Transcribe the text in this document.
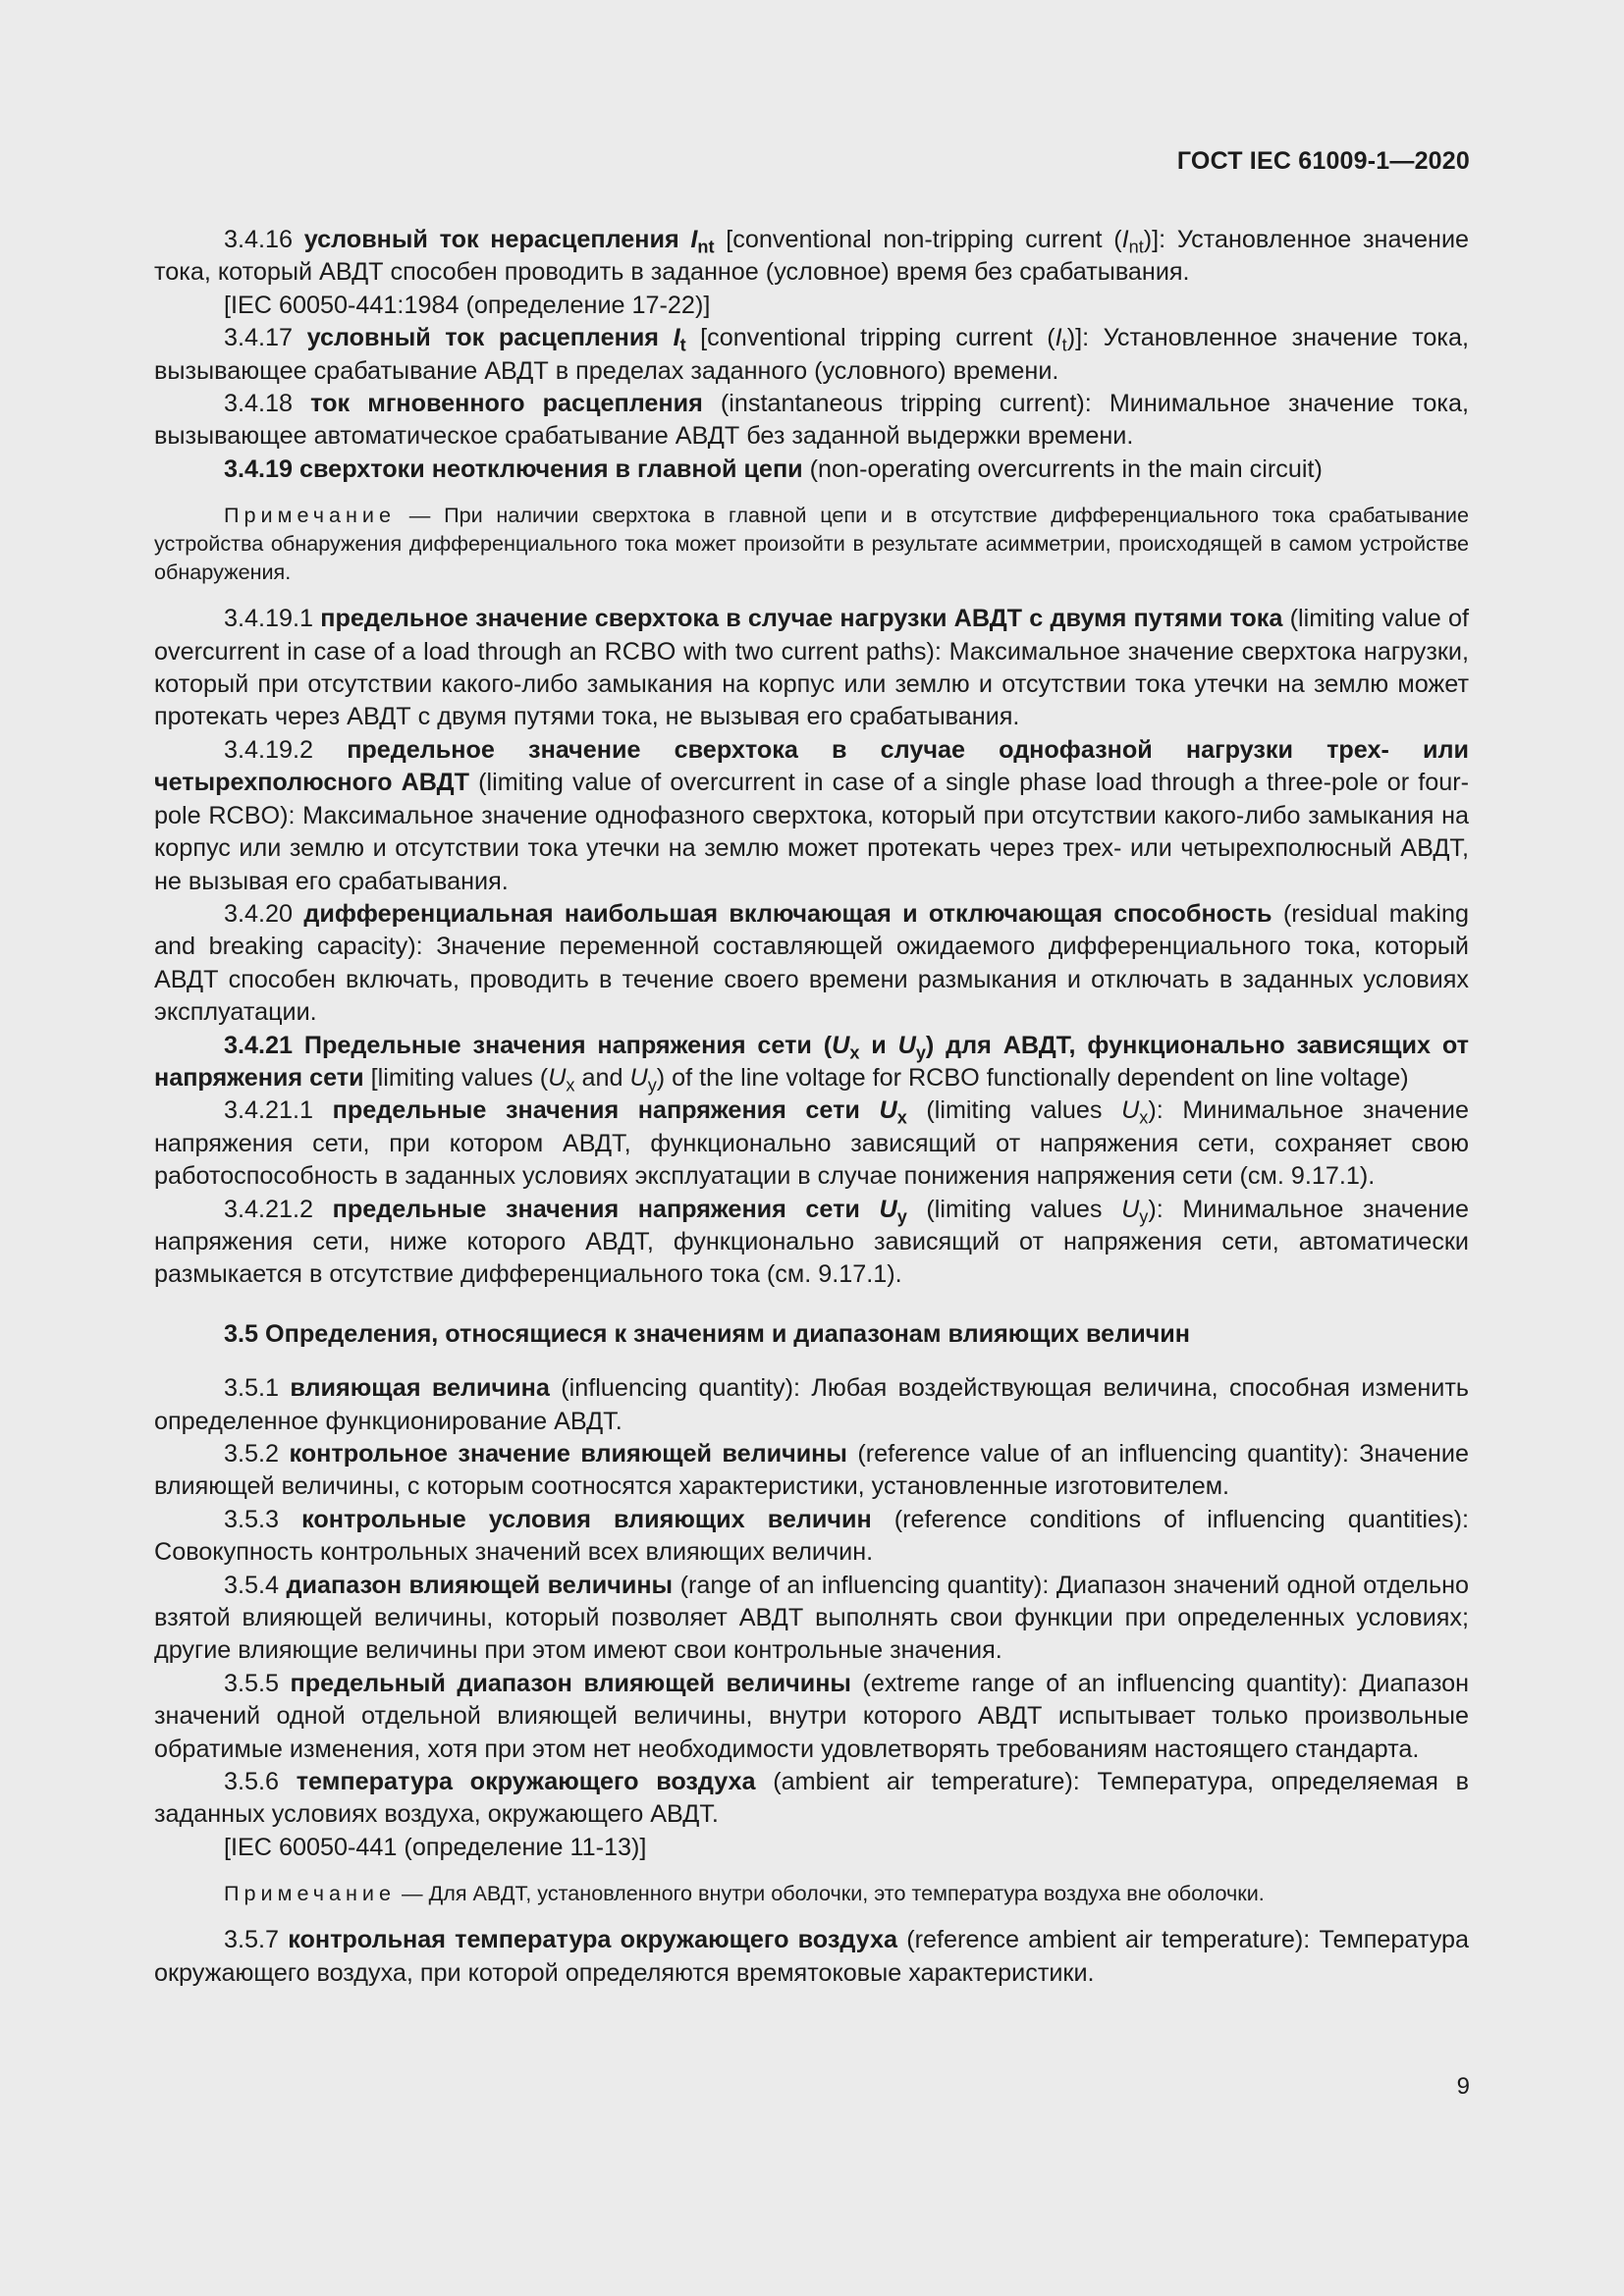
ГОСТ IEC 61009-1—2020

3.4.16 условный ток нерасцепления $I_{nt}$ [conventional non-tripping current $(I_{nt})$]: Установленное значение тока, который АВДТ способен проводить в заданное (условное) время без срабатывания.

[IEC 60050-441:1984 (определение 17-22)]

3.4.17 условный ток расцепления $I_t$ [conventional tripping current $(I_t)$]: Установленное значение тока, вызывающее срабатывание АВДТ в пределах заданного (условного) времени.

3.4.18 ток мгновенного расцепления (instantaneous tripping current): Минимальное значение тока, вызывающее автоматическое срабатывание АВДТ без заданной выдержки времени.

3.4.19 сверхтоки неотключения в главной цепи (non-operating overcurrents in the main circuit)

Примечание — При наличии сверхтока в главной цепи и в отсутствие дифференциального тока срабатывание устройства обнаружения дифференциального тока может произойти в результате асимметрии, происходящей в самом устройстве обнаружения.

3.4.19.1 предельное значение сверхтока в случае нагрузки АВДТ с двумя путями тока (limiting value of overcurrent in case of a load through an RCBO with two current paths): Максимальное значение сверхтока нагрузки, который при отсутствии какого-либо замыкания на корпус или землю и отсутствии тока утечки на землю может протекать через АВДТ с двумя путями тока, не вызывая его срабатывания.

3.4.19.2 предельное значение сверхтока в случае однофазной нагрузки трех- или четырехполюсного АВДТ (limiting value of overcurrent in case of a single phase load through a three-pole or four-pole RCBO): Максимальное значение однофазного сверхтока, который при отсутствии какого-либо замыкания на корпус или землю и отсутствии тока утечки на землю может протекать через трех- или четырехполюсный АВДТ, не вызывая его срабатывания.

3.4.20 дифференциальная наибольшая включающая и отключающая способность (residual making and breaking capacity): Значение переменной составляющей ожидаемого дифференциального тока, который АВДТ способен включать, проводить в течение своего времени размыкания и отключать в заданных условиях эксплуатации.

3.4.21 Предельные значения напряжения сети ($U_x$ и $U_y$) для АВДТ, функционально зависящих от напряжения сети [limiting values ($U_x$ and $U_y$) of the line voltage for RCBO functionally dependent on line voltage)

3.4.21.1 предельные значения напряжения сети $U_x$ (limiting values $U_x$): Минимальное значение напряжения сети, при котором АВДТ, функционально зависящий от напряжения сети, сохраняет свою работоспособность в заданных условиях эксплуатации в случае понижения напряжения сети (см. 9.17.1).

3.4.21.2 предельные значения напряжения сети $U_y$ (limiting values $U_y$): Минимальное значение напряжения сети, ниже которого АВДТ, функционально зависящий от напряжения сети, автоматически размыкается в отсутствие дифференциального тока (см. 9.17.1).

3.5 Определения, относящиеся к значениям и диапазонам влияющих величин

3.5.1 влияющая величина (influencing quantity): Любая воздействующая величина, способная изменить определенное функционирование АВДТ.

3.5.2 контрольное значение влияющей величины (reference value of an influencing quantity): Значение влияющей величины, с которым соотносятся характеристики, установленные изготовителем.

3.5.3 контрольные условия влияющих величин (reference conditions of influencing quantities): Совокупность контрольных значений всех влияющих величин.

3.5.4 диапазон влияющей величины (range of an influencing quantity): Диапазон значений одной отдельно взятой влияющей величины, который позволяет АВДТ выполнять свои функции при определенных условиях; другие влияющие величины при этом имеют свои контрольные значения.

3.5.5 предельный диапазон влияющей величины (extreme range of an influencing quantity): Диапазон значений одной отдельной влияющей величины, внутри которого АВДТ испытывает только произвольные обратимые изменения, хотя при этом нет необходимости удовлетворять требованиям настоящего стандарта.

3.5.6 температура окружающего воздуха (ambient air temperature): Температура, определяемая в заданных условиях воздуха, окружающего АВДТ.

[IEC 60050-441 (определение 11-13)]

Примечание — Для АВДТ, установленного внутри оболочки, это температура воздуха вне оболочки.

3.5.7 контрольная температура окружающего воздуха (reference ambient air temperature): Температура окружающего воздуха, при которой определяются времятоковые характеристики.

9
